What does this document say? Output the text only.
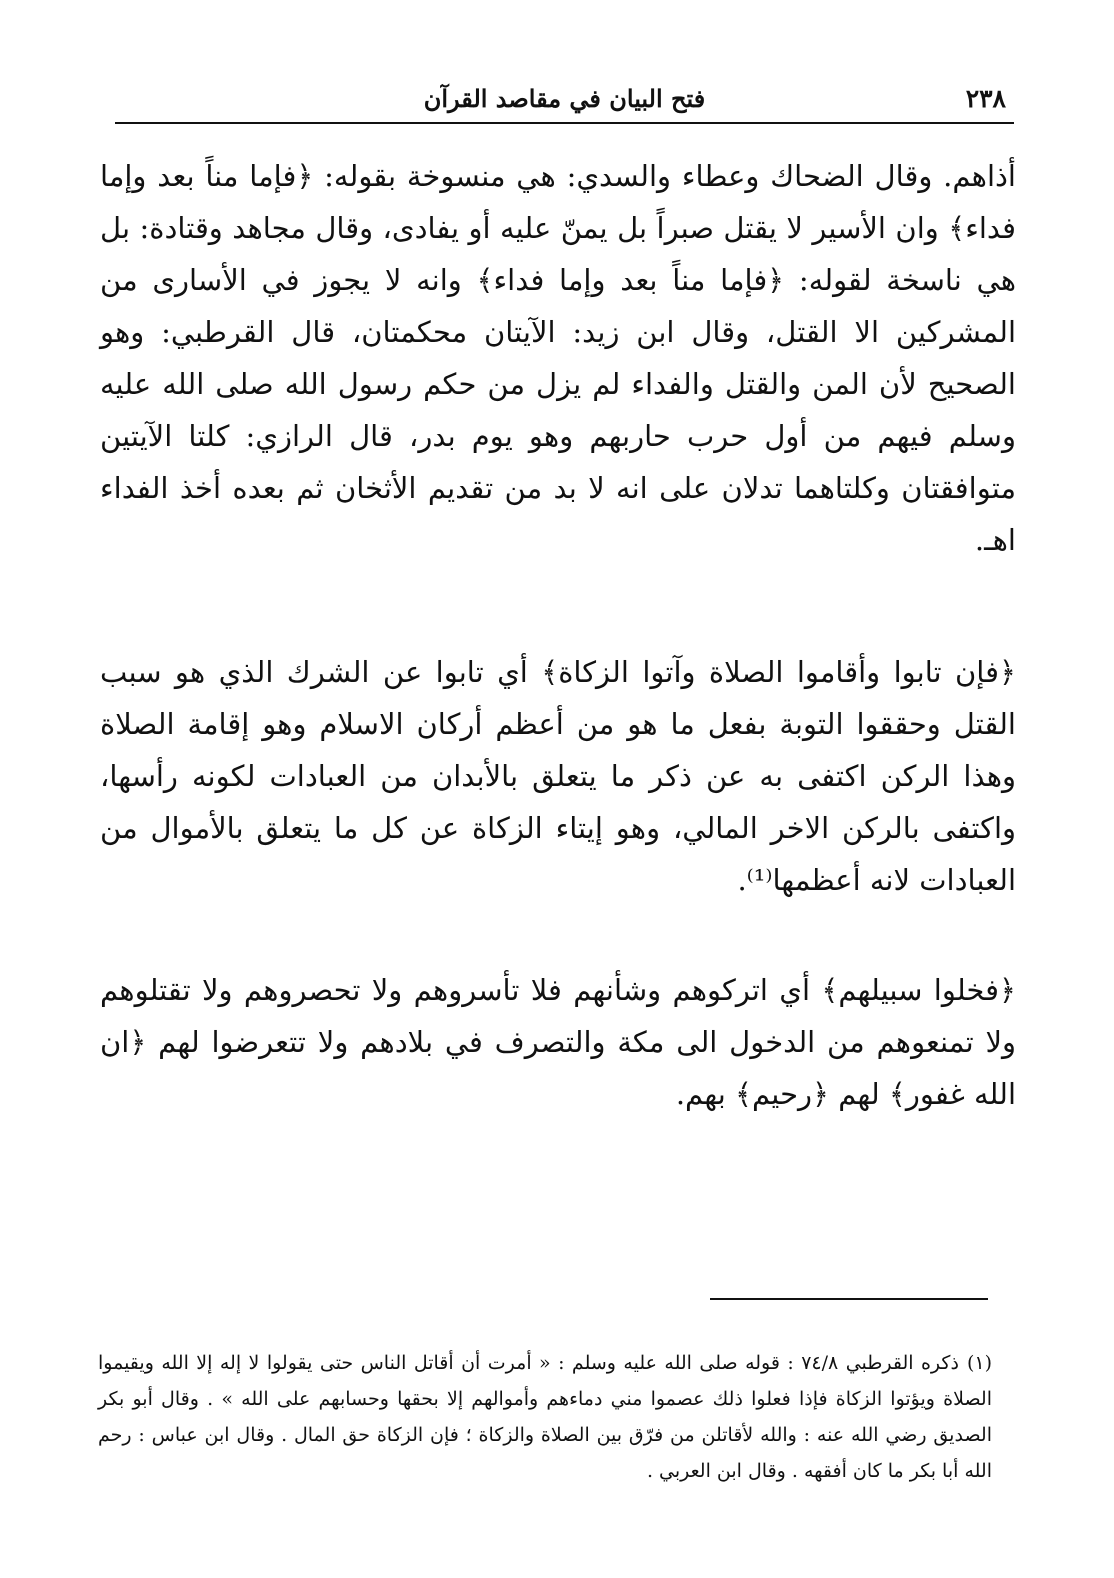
٢٣٨
فتح البيان في مقاصد القرآن

أذاهم. وقال الضحاك وعطاء والسدي: هي منسوخة بقوله: ﴿فإما مناً بعد وإما فداء﴾ وان الأسير لا يقتل صبراً بل يمنّ عليه أو يفادى، وقال مجاهد وقتادة: بل هي ناسخة لقوله: ﴿فإما مناً بعد وإما فداء﴾ وانه لا يجوز في الأسارى من المشركين الا القتل، وقال ابن زيد: الآيتان محكمتان، قال القرطبي: وهو الصحيح لأن المن والقتل والفداء لم يزل من حكم رسول الله صلى الله عليه وسلم فيهم من أول حرب حاربهم وهو يوم بدر، قال الرازي: كلتا الآيتين متوافقتان وكلتاهما تدلان على انه لا بد من تقديم الأثخان ثم بعده أخذ الفداء اهـ.

﴿فإن تابوا وأقاموا الصلاة وآتوا الزكاة﴾ أي تابوا عن الشرك الذي هو سبب القتل وحققوا التوبة بفعل ما هو من أعظم أركان الاسلام وهو إقامة الصلاة وهذا الركن اكتفى به عن ذكر ما يتعلق بالأبدان من العبادات لكونه رأسها، واكتفى بالركن الاخر المالي، وهو إيتاء الزكاة عن كل ما يتعلق بالأموال من العبادات لانه أعظمها⁽¹⁾.

﴿فخلوا سبيلهم﴾ أي اتركوهم وشأنهم فلا تأسروهم ولا تحصروهم ولا تقتلوهم ولا تمنعوهم من الدخول الى مكة والتصرف في بلادهم ولا تتعرضوا لهم ﴿ان الله غفور﴾ لهم ﴿رحيم﴾ بهم.

(١)ذكره القرطبي ٧٤/٨ : قوله صلى الله عليه وسلم : « أمرت أن أقاتل الناس حتى يقولوا لا إله إلا الله ويقيموا الصلاة ويؤتوا الزكاة فإذا فعلوا ذلك عصموا مني دماءهم وأموالهم إلا بحقها وحسابهم على الله » . وقال أبو بكر الصديق رضي الله عنه : والله لأقاتلن من فرّق بين الصلاة والزكاة ؛ فإن الزكاة حق المال . وقال ابن عباس : رحم الله أبا بكر ما كان أفقهه . وقال ابن العربي .
